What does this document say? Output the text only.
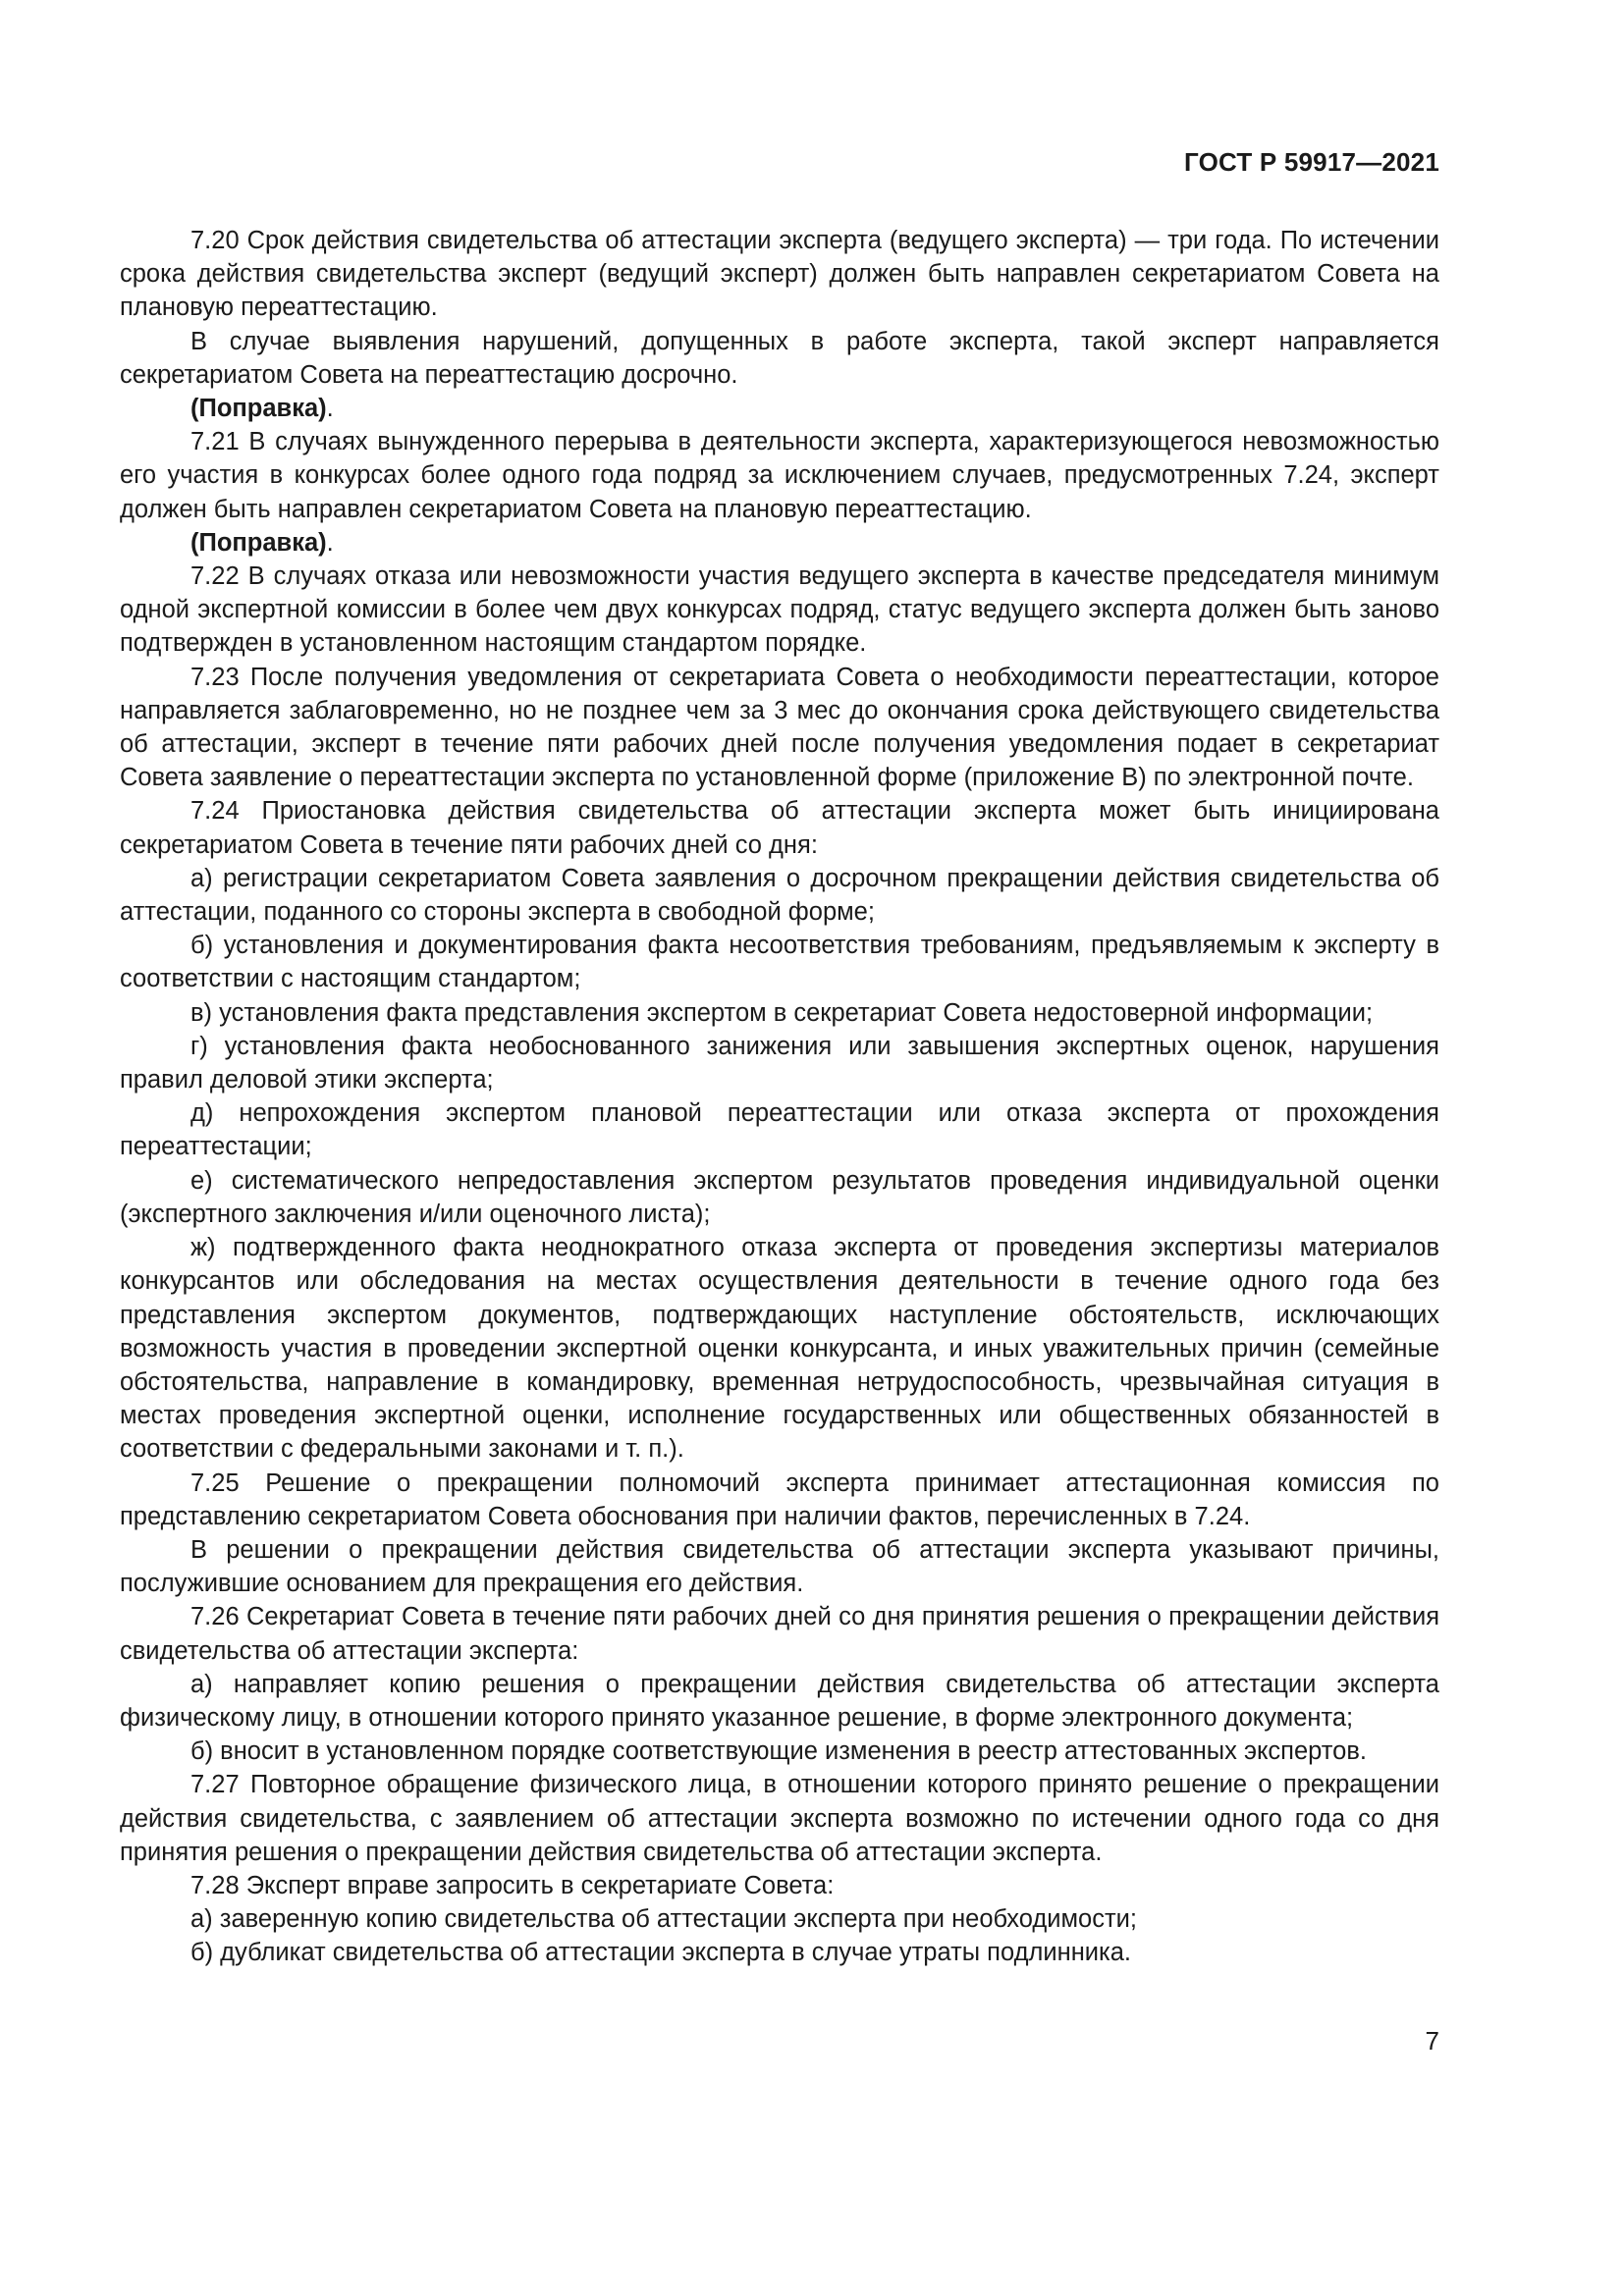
ГОСТ Р 59917—2021

7.20 Срок действия свидетельства об аттестации эксперта (ведущего эксперта) — три года. По истечении срока действия свидетельства эксперт (ведущий эксперт) должен быть направлен секретариатом Совета на плановую переаттестацию.

В случае выявления нарушений, допущенных в работе эксперта, такой эксперт направляется секретариатом Совета на переаттестацию досрочно.

(Поправка).

7.21 В случаях вынужденного перерыва в деятельности эксперта, характеризующегося невозможностью его участия в конкурсах более одного года подряд за исключением случаев, предусмотренных 7.24, эксперт должен быть направлен секретариатом Совета на плановую переаттестацию.

(Поправка).

7.22 В случаях отказа или невозможности участия ведущего эксперта в качестве председателя минимум одной экспертной комиссии в более чем двух конкурсах подряд, статус ведущего эксперта должен быть заново подтвержден в установленном настоящим стандартом порядке.

7.23 После получения уведомления от секретариата Совета о необходимости переаттестации, которое направляется заблаговременно, но не позднее чем за 3 мес до окончания срока действующего свидетельства об аттестации, эксперт в течение пяти рабочих дней после получения уведомления подает в секретариат Совета заявление о переаттестации эксперта по установленной форме (приложение В) по электронной почте.

7.24 Приостановка действия свидетельства об аттестации эксперта может быть инициирована секретариатом Совета в течение пяти рабочих дней со дня:

а) регистрации секретариатом Совета заявления о досрочном прекращении действия свидетельства об аттестации, поданного со стороны эксперта в свободной форме;

б) установления и документирования факта несоответствия требованиям, предъявляемым к эксперту в соответствии с настоящим стандартом;

в) установления факта представления экспертом в секретариат Совета недостоверной информации;

г) установления факта необоснованного занижения или завышения экспертных оценок, нарушения правил деловой этики эксперта;

д) непрохождения экспертом плановой переаттестации или отказа эксперта от прохождения переаттестации;

е) систематического непредоставления экспертом результатов проведения индивидуальной оценки (экспертного заключения и/или оценочного листа);

ж) подтвержденного факта неоднократного отказа эксперта от проведения экспертизы материалов конкурсантов или обследования на местах осуществления деятельности в течение одного года без представления экспертом документов, подтверждающих наступление обстоятельств, исключающих возможность участия в проведении экспертной оценки конкурсанта, и иных уважительных причин (семейные обстоятельства, направление в командировку, временная нетрудоспособность, чрезвычайная ситуация в местах проведения экспертной оценки, исполнение государственных или общественных обязанностей в соответствии с федеральными законами и т. п.).

7.25 Решение о прекращении полномочий эксперта принимает аттестационная комиссия по представлению секретариатом Совета обоснования при наличии фактов, перечисленных в 7.24.

В решении о прекращении действия свидетельства об аттестации эксперта указывают причины, послужившие основанием для прекращения его действия.

7.26 Секретариат Совета в течение пяти рабочих дней со дня принятия решения о прекращении действия свидетельства об аттестации эксперта:

а) направляет копию решения о прекращении действия свидетельства об аттестации эксперта физическому лицу, в отношении которого принято указанное решение, в форме электронного документа;

б) вносит в установленном порядке соответствующие изменения в реестр аттестованных экспертов.

7.27 Повторное обращение физического лица, в отношении которого принято решение о прекращении действия свидетельства, с заявлением об аттестации эксперта возможно по истечении одного года со дня принятия решения о прекращении действия свидетельства об аттестации эксперта.

7.28 Эксперт вправе запросить в секретариате Совета:

а) заверенную копию свидетельства об аттестации эксперта при необходимости;

б) дубликат свидетельства об аттестации эксперта в случае утраты подлинника.

7
